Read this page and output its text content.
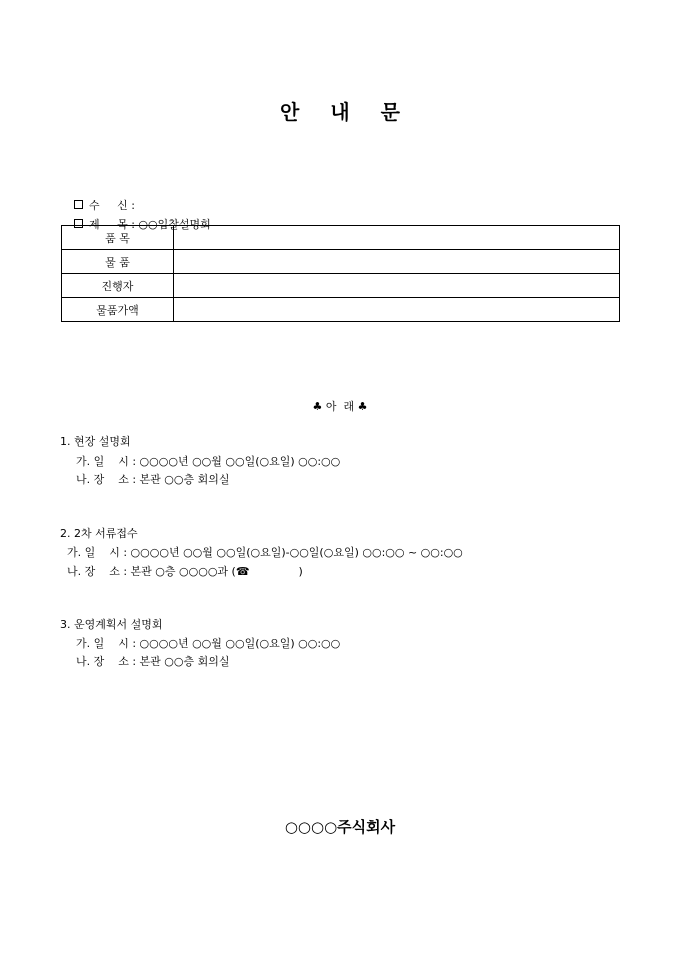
안 내 문

수     신 :

제     목 : ○○입찰설명회

품 목	
물 품	
진행자	
물품가액	
♣ 아  래 ♣
1. 현장 설명회
가. 일    시 : ○○○○년 ○○월 ○○일(○요일) ○○:○○
나. 장    소 : 본관 ○○층 회의실
2. 2차 서류접수
가. 일    시 : ○○○○년 ○○월 ○○일(○요일)-○○일(○요일) ○○:○○ ~ ○○:○○
나. 장    소 : 본관 ○층 ○○○○과 (☎              )
3. 운영계획서 설명회
가. 일    시 : ○○○○년 ○○월 ○○일(○요일) ○○:○○
나. 장    소 : 본관 ○○층 회의실
○○○○주식회사
